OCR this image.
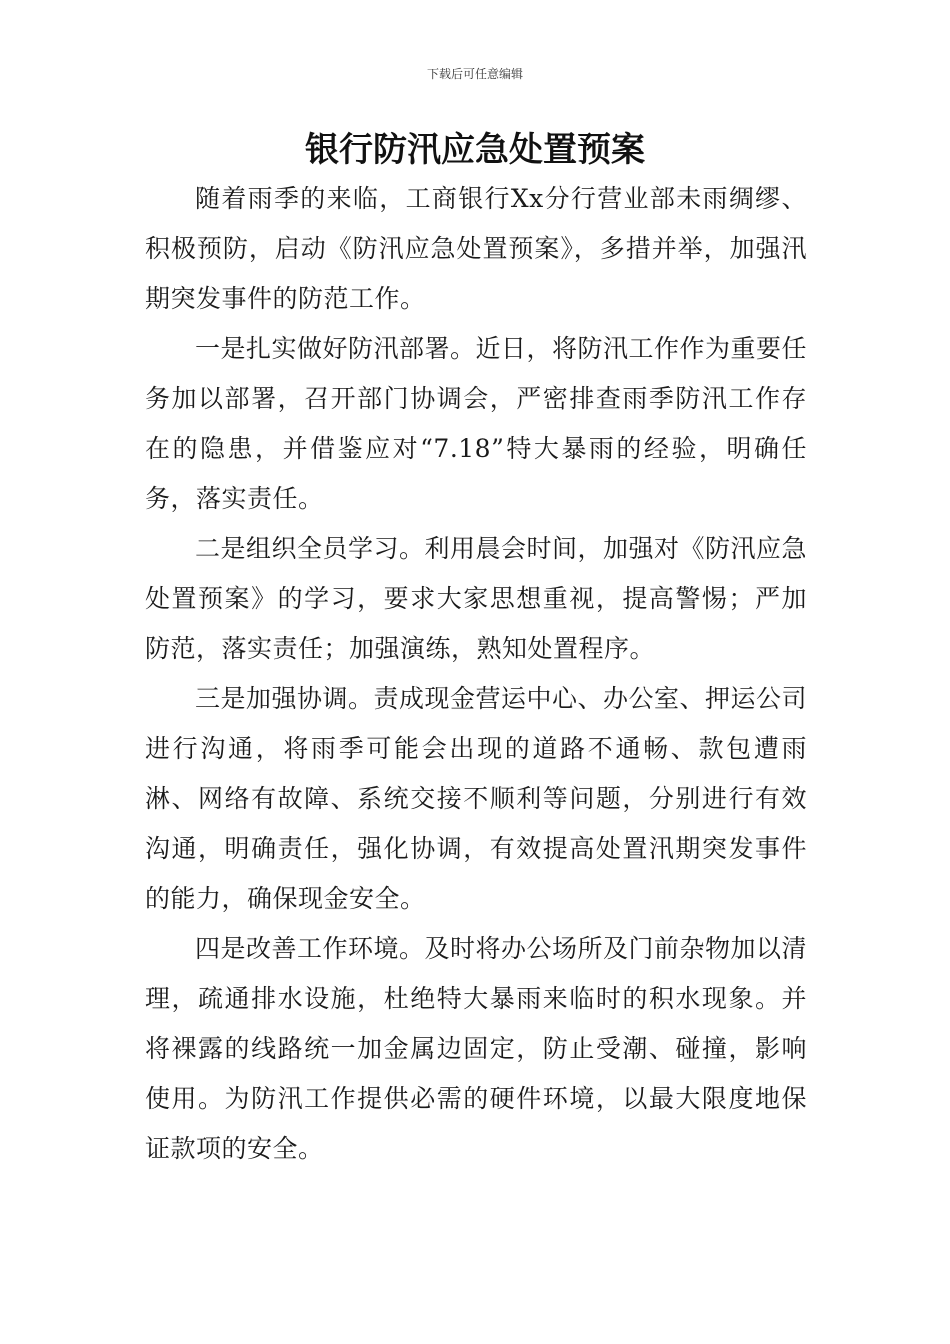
下载后可任意编辑
银行防汛应急处置预案

随着雨季的来临，工商银行Xx分行营业部未雨绸缪、积极预防，启动《防汛应急处置预案》，多措并举，加强汛期突发事件的防范工作。

一是扎实做好防汛部署。近日，将防汛工作作为重要任务加以部署，召开部门协调会，严密排查雨季防汛工作存在的隐患，并借鉴应对“7.18”特大暴雨的经验，明确任务，落实责任。

二是组织全员学习。利用晨会时间，加强对《防汛应急处置预案》的学习，要求大家思想重视，提高警惕；严加防范，落实责任；加强演练，熟知处置程序。

三是加强协调。责成现金营运中心、办公室、押运公司进行沟通，将雨季可能会出现的道路不通畅、款包遭雨淋、网络有故障、系统交接不顺利等问题，分别进行有效沟通，明确责任，强化协调，有效提高处置汛期突发事件的能力，确保现金安全。

四是改善工作环境。及时将办公场所及门前杂物加以清理，疏通排水设施，杜绝特大暴雨来临时的积水现象。并将裸露的线路统一加金属边固定，防止受潮、碰撞，影响使用。为防汛工作提供必需的硬件环境，以最大限度地保证款项的安全。
